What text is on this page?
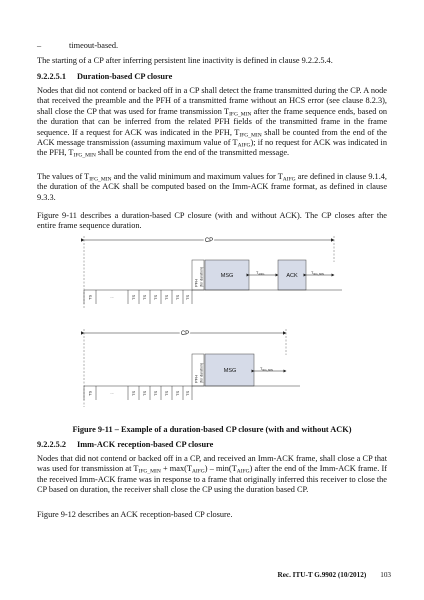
–	timeout-based.

The starting of a CP after inferring persistent line inactivity is defined in clause 9.2.2.5.4.

9.2.2.5.1 Duration-based CP closure

Nodes that did not contend or backed off in a CP shall detect the frame transmitted during the CP. A node that received the preamble and the PFH of a transmitted frame without an HCS error (see clause 8.2.3), shall close the CP that was used for frame transmission $T_{IFG\_MIN}$ after the frame sequence ends, based on the duration that can be inferred from the related PFH fields of the transmitted frame in the frame sequence. If a request for ACK was indicated in the PFH, $T_{IFG\_MIN}$ shall be counted from the end of the ACK message transmission (assuming maximum value of $T_{AIFG}$); if no request for ACK was indicated in the PFH, $T_{IFG\_MIN}$ shall be counted from the end of the transmitted message.

The values of $T_{IFG\_MIN}$ and the valid minimum and maximum values for $T_{AIFG}$ are defined in clause 9.1.4, the duration of the ACK shall be computed based on the Imm-ACK frame format, as defined in clause 9.3.3.

Figure 9-11 describes a duration-based CP closure (with and without ACK). The CP closes after the entire frame sequence duration.

CP
PFH (for duration)	MSG	$T_{AIFG}$	ACK	$T_{IFG\_MIN}$
TS	...	TS TS TS TS TS TS
CP
PFH (for duration)	MSG	$T_{IFG\_MIN}$
TS	...	TS TS TS TS TS TS

Figure 9-11 – Example of a duration-based CP closure (with and without ACK)

9.2.2.5.2 Imm-ACK reception-based CP closure

Nodes that did not contend or backed off in a CP, and received an Imm-ACK frame, shall close a CP that was used for transmission at $T_{IFG\_MIN} + \max(T_{AIFG}) - \min(T_{AIFG})$ after the end of the Imm-ACK frame. If the received Imm-ACK frame was in response to a frame that originally inferred this receiver to close the CP based on duration, the receiver shall close the CP using the duration based CP.

Figure 9-12 describes an ACK reception-based CP closure.

Rec. ITU-T G.9902 (10/2012) 103
